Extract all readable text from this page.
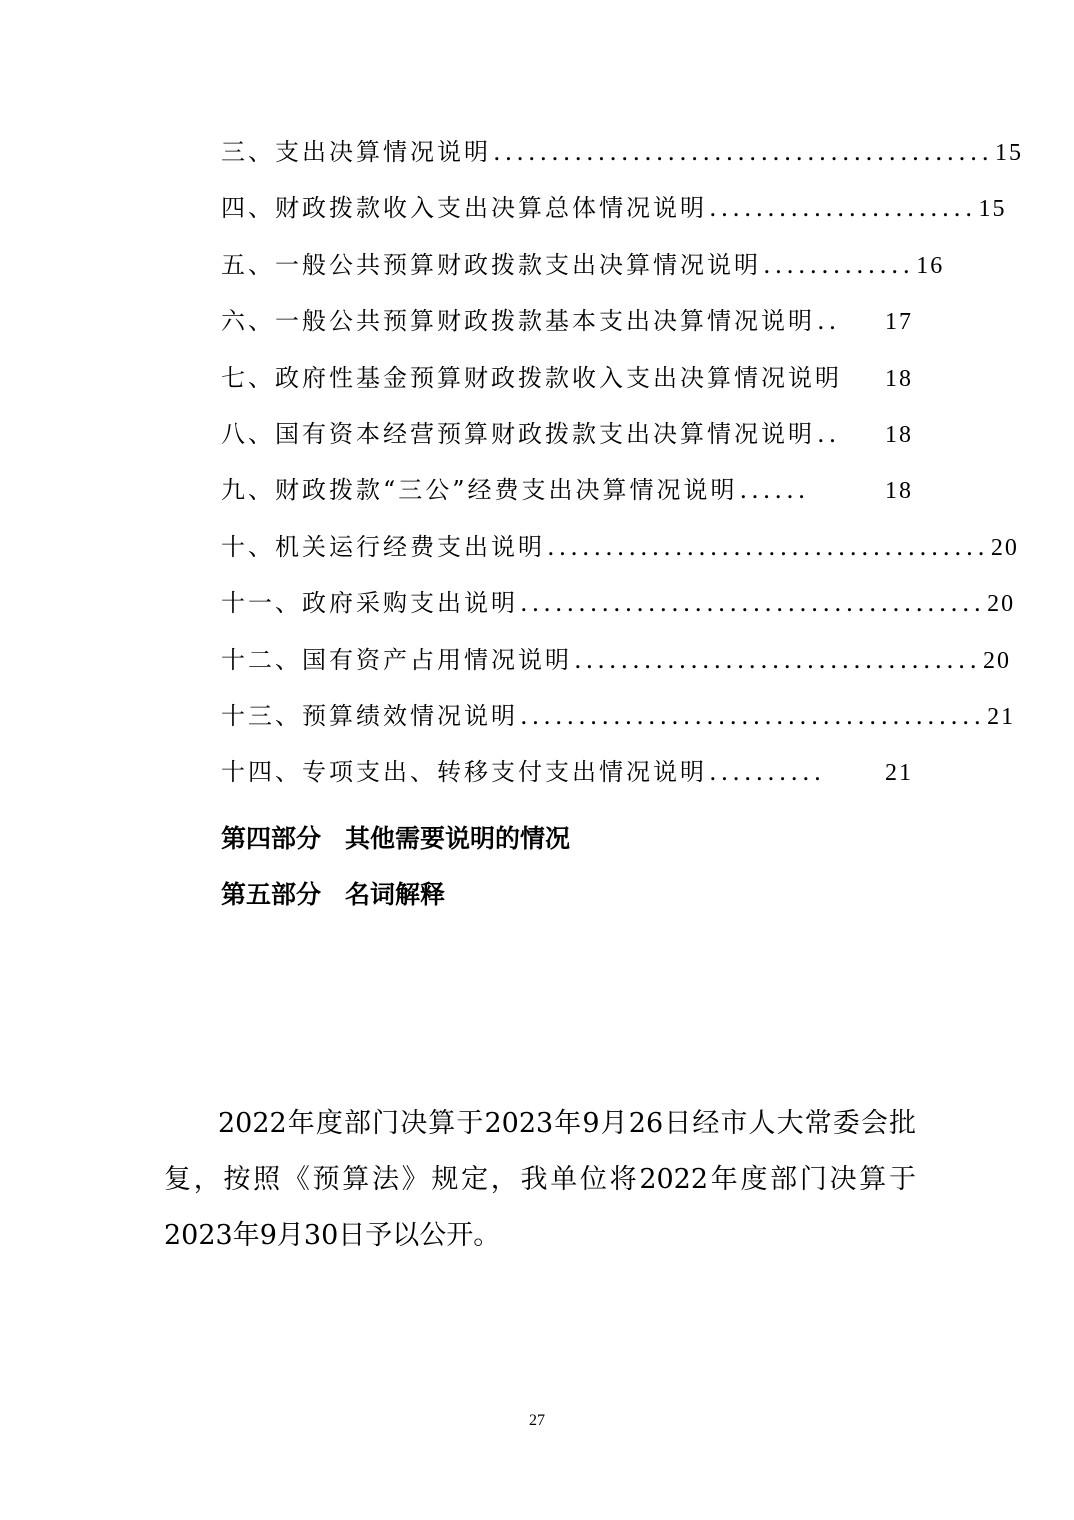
三、支出决算情况说明 ........................................... 15
四、财政拨款收入支出决算总体情况说明 ....................... 15
五、一般公共预算财政拨款支出决算情况说明 ............. 16
六、一般公共预算财政拨款基本支出决算情况说明 ..	17
七、政府性基金预算财政拨款收入支出决算情况说明 18
八、国有资本经营预算财政拨款支出决算情况说明 ..	18
九、财政拨款“三公”经费支出决算情况说明 ......	18
十、机关运行经费支出说明 ...................................... 20
十一、政府采购支出说明 ........................................ 20
十二、国有资产占用情况说明 ................................... 20
十三、预算绩效情况说明 ........................................ 21
十四、专项支出、转移支付支出情况说明 ..........	21
第四部分 其他需要说明的情况
第五部分 名词解释

2022年度部门决算于2023年9月26日经市人大常委会批复，按照《预算法》规定，我单位将2022年度部门决算于2023年9月30日予以公开。

27
